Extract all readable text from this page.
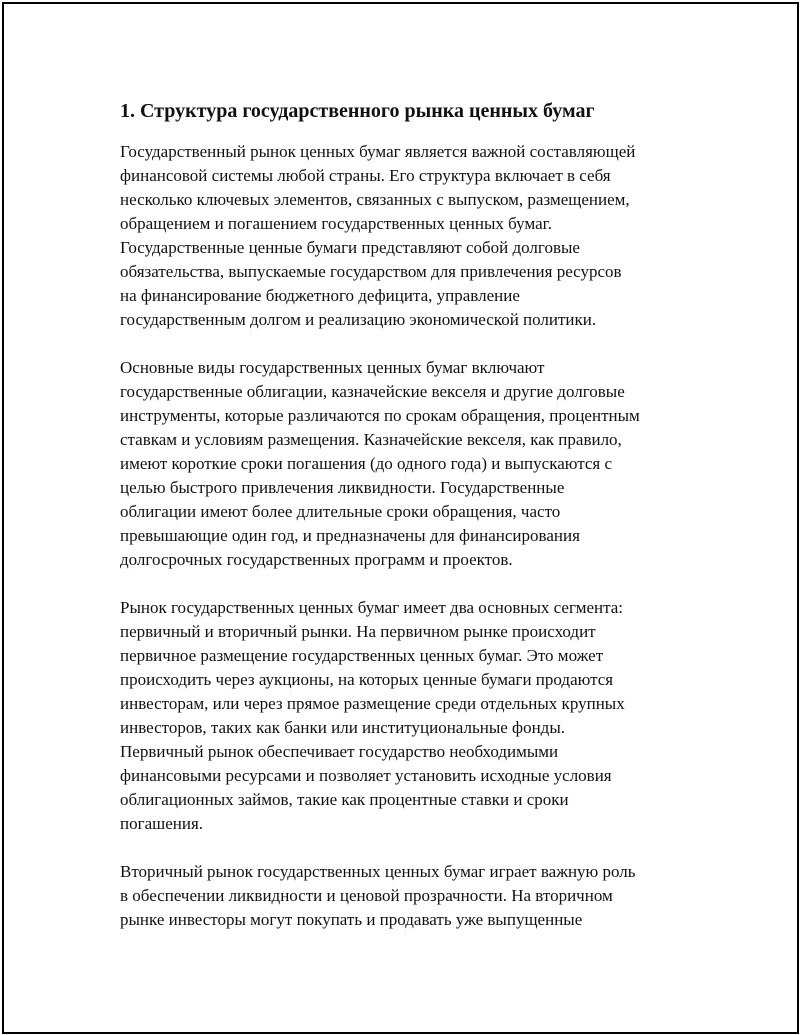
1. Структура государственного рынка ценных бумаг

Государственный рынок ценных бумаг является важной составляющей
финансовой системы любой страны. Его структура включает в себя
несколько ключевых элементов, связанных с выпуском, размещением,
обращением и погашением государственных ценных бумаг.
Государственные ценные бумаги представляют собой долговые
обязательства, выпускаемые государством для привлечения ресурсов
на финансирование бюджетного дефицита, управление
государственным долгом и реализацию экономической политики.

Основные виды государственных ценных бумаг включают
государственные облигации, казначейские векселя и другие долговые
инструменты, которые различаются по срокам обращения, процентным
ставкам и условиям размещения. Казначейские векселя, как правило,
имеют короткие сроки погашения (до одного года) и выпускаются с
целью быстрого привлечения ликвидности. Государственные
облигации имеют более длительные сроки обращения, часто
превышающие один год, и предназначены для финансирования
долгосрочных государственных программ и проектов.

Рынок государственных ценных бумаг имеет два основных сегмента:
первичный и вторичный рынки. На первичном рынке происходит
первичное размещение государственных ценных бумаг. Это может
происходить через аукционы, на которых ценные бумаги продаются
инвесторам, или через прямое размещение среди отдельных крупных
инвесторов, таких как банки или институциональные фонды.
Первичный рынок обеспечивает государство необходимыми
финансовыми ресурсами и позволяет установить исходные условия
облигационных займов, такие как процентные ставки и сроки
погашения.

Вторичный рынок государственных ценных бумаг играет важную роль
в обеспечении ликвидности и ценовой прозрачности. На вторичном
рынке инвесторы могут покупать и продавать уже выпущенные
